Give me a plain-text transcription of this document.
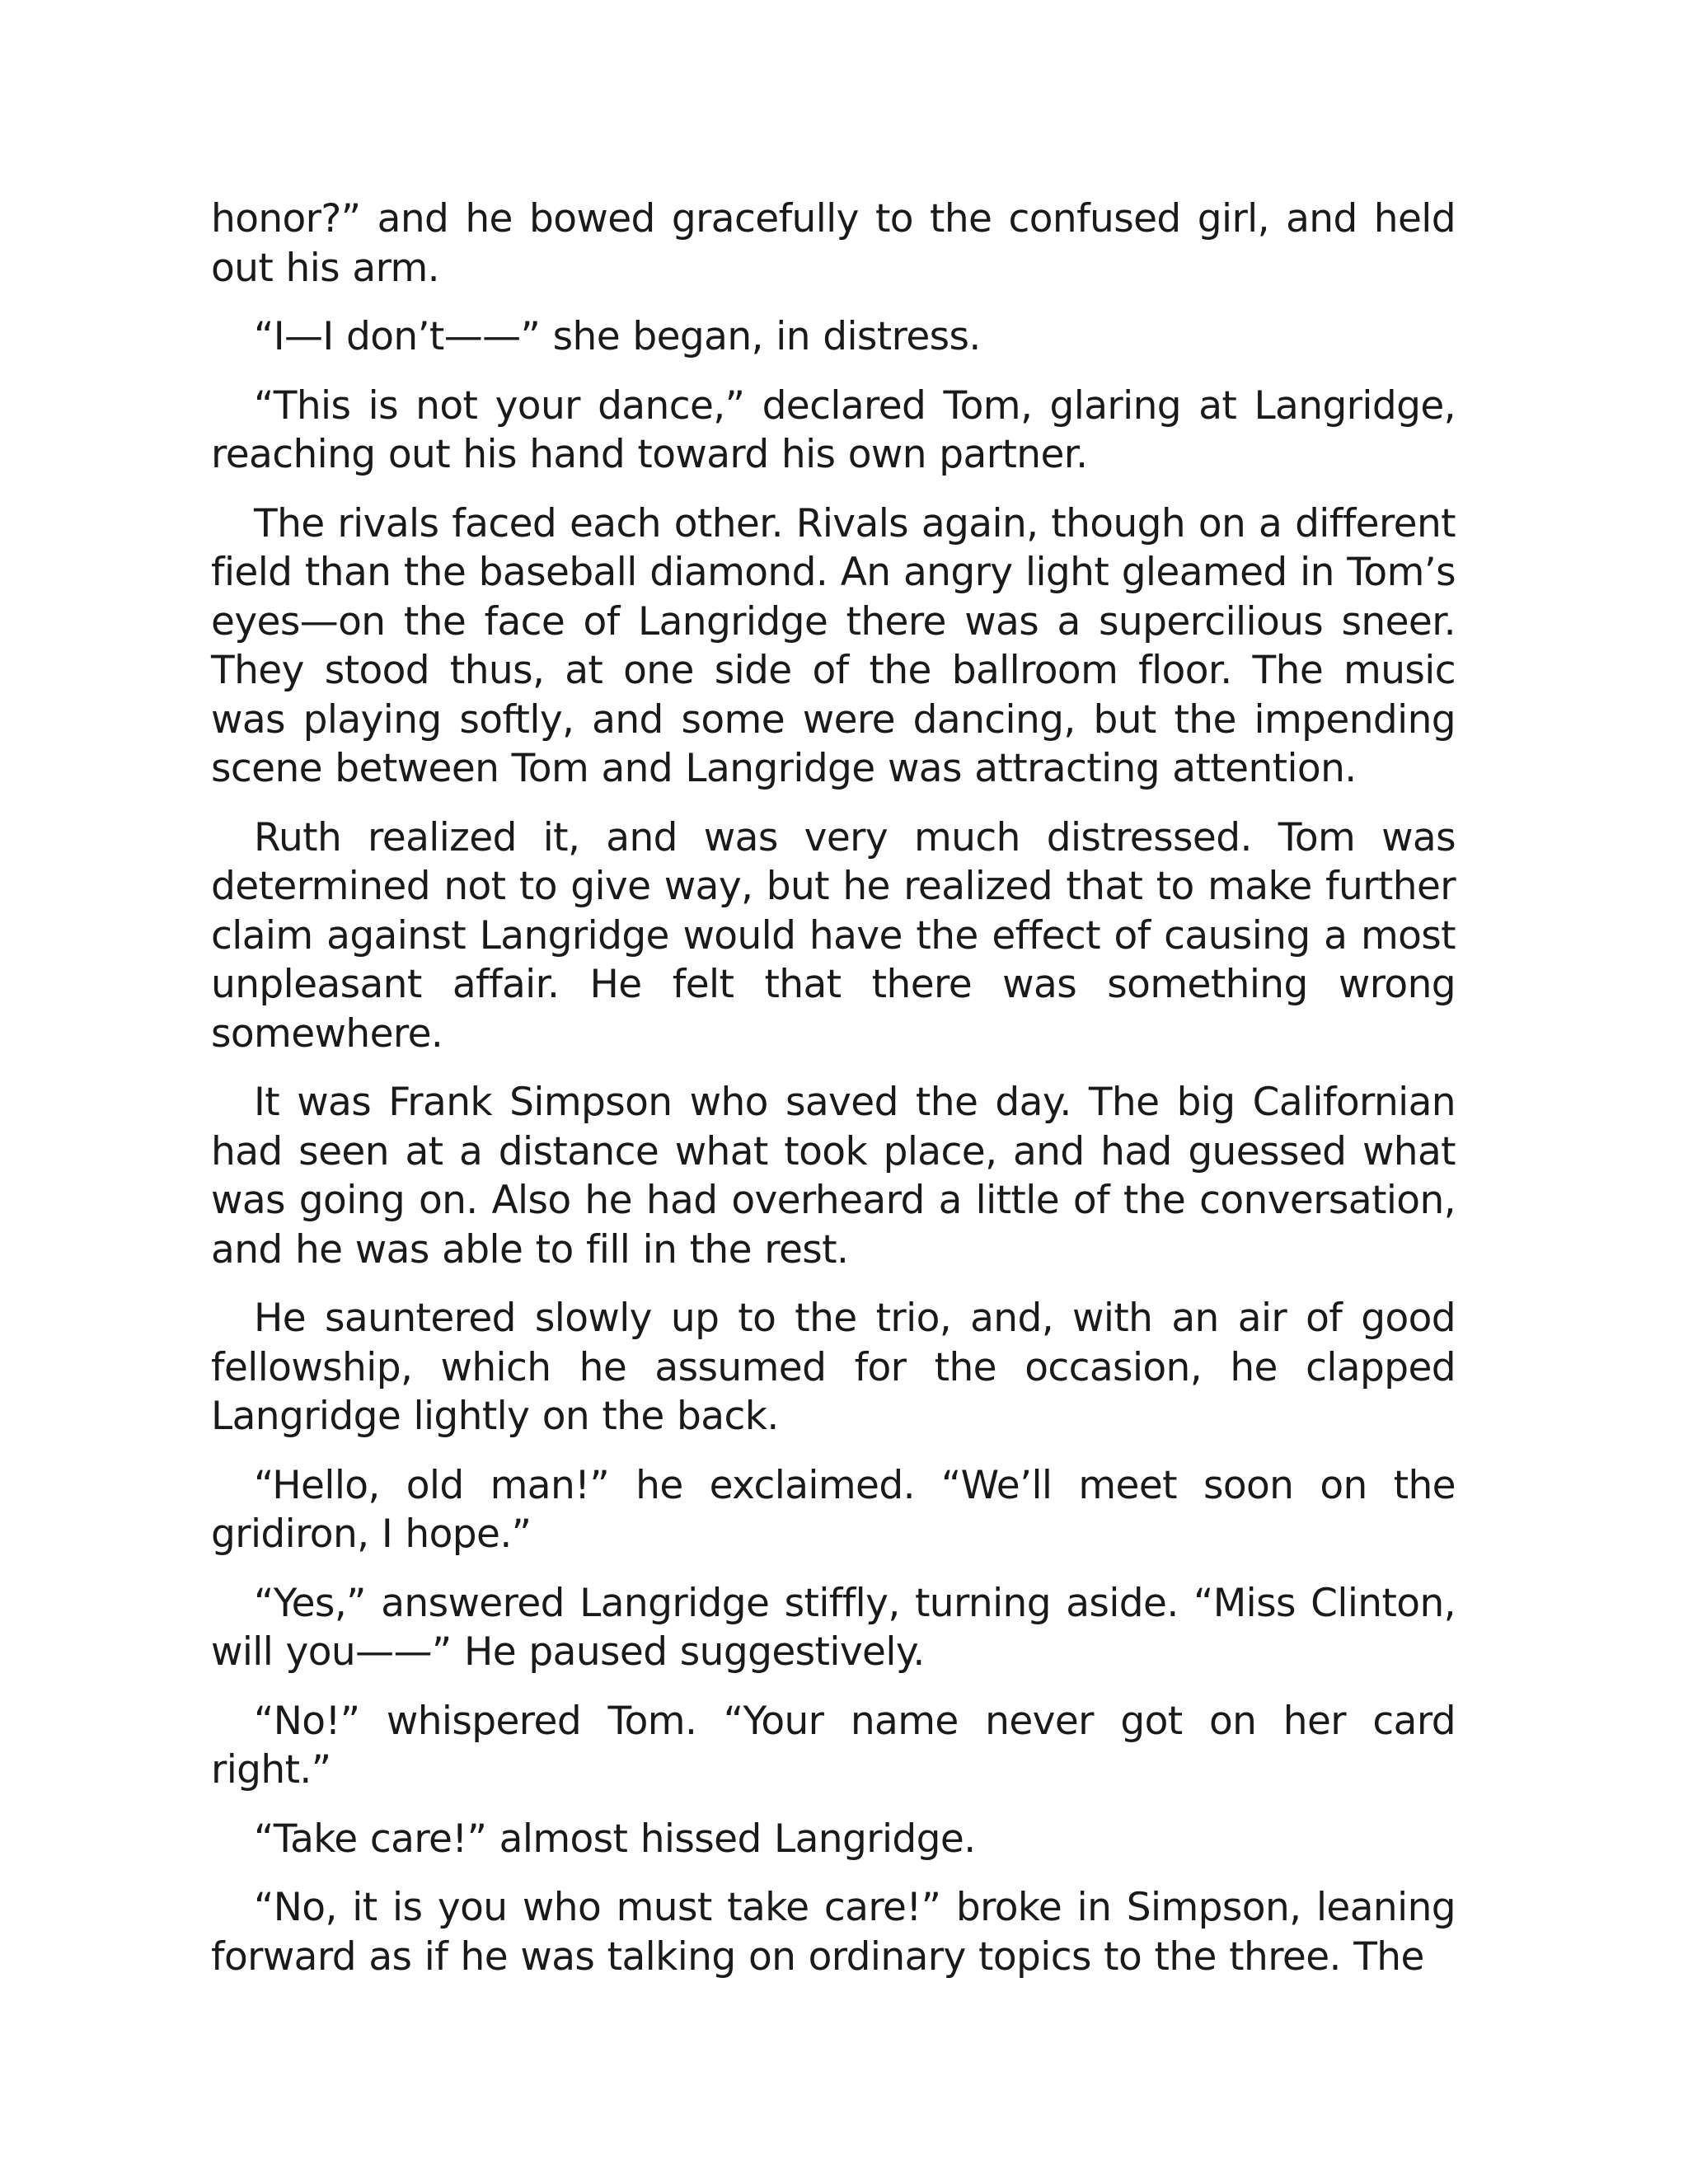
honor?” and he bowed gracefully to the confused girl, and held out his arm.

“I—I don’t——” she began, in distress.

“This is not your dance,” declared Tom, glaring at Langridge, reaching out his hand toward his own partner.

The rivals faced each other. Rivals again, though on a different field than the baseball diamond. An angry light gleamed in Tom’s eyes—on the face of Langridge there was a supercilious sneer. They stood thus, at one side of the ballroom floor. The music was playing softly, and some were dancing, but the impending scene between Tom and Langridge was attracting attention.

Ruth realized it, and was very much distressed. Tom was determined not to give way, but he realized that to make further claim against Langridge would have the effect of causing a most unpleasant affair. He felt that there was something wrong somewhere.

It was Frank Simpson who saved the day. The big Californian had seen at a distance what took place, and had guessed what was going on. Also he had overheard a little of the conversation, and he was able to fill in the rest.

He sauntered slowly up to the trio, and, with an air of good fellowship, which he assumed for the occasion, he clapped Langridge lightly on the back.

“Hello, old man!” he exclaimed. “We’ll meet soon on the gridiron, I hope.”

“Yes,” answered Langridge stiffly, turning aside. “Miss Clinton, will you——” He paused suggestively.

“No!” whispered Tom. “Your name never got on her card right.”

“Take care!” almost hissed Langridge.

“No, it is you who must take care!” broke in Simpson, leaning forward as if he was talking on ordinary topics to the three. The
